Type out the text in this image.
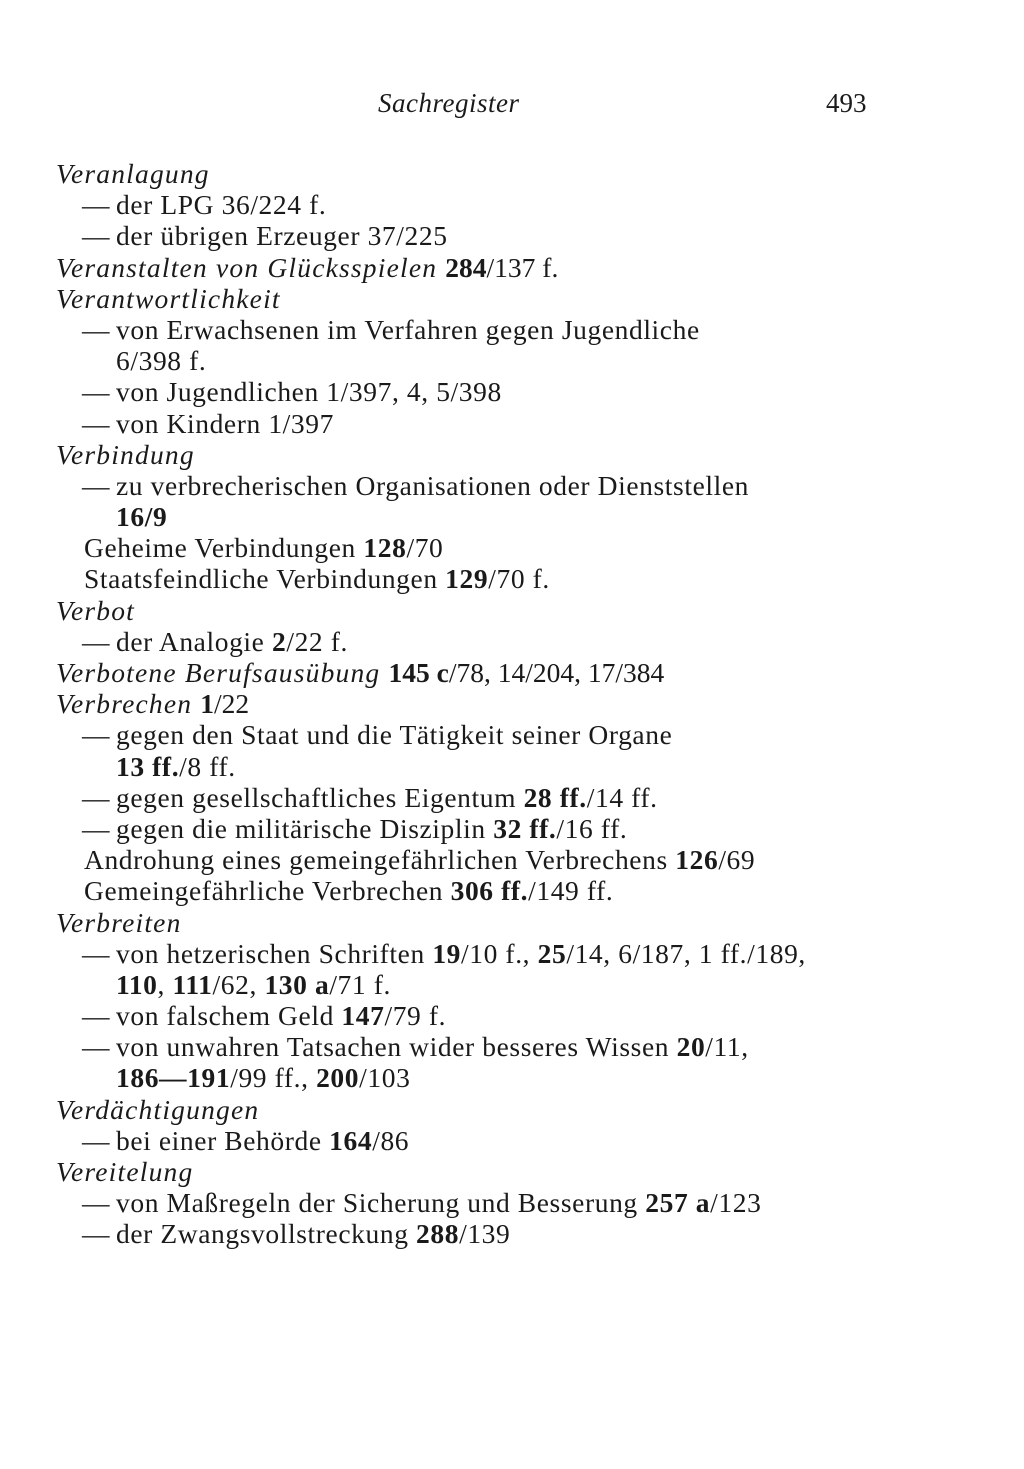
Sachregister	493
Veranlagung
— der LPG 36/224 f.
— der übrigen Erzeuger 37/225
Veranstalten von Glücksspielen 284/137 f.
Verantwortlichkeit
— von Erwachsenen im Verfahren gegen Jugendliche
6/398 f.
— von Jugendlichen 1/397, 4, 5/398
— von Kindern 1/397
Verbindung
— zu verbrecherischen Organisationen oder Dienststellen
16/9
Geheime Verbindungen 128/70
Staatsfeindliche Verbindungen 129/70 f.
Verbot
— der Analogie 2/22 f.
Verbotene Berufsausübung 145 c/78, 14/204, 17/384
Verbrechen 1/22
— gegen den Staat und die Tätigkeit seiner Organe
13 ff./8 ff.
— gegen gesellschaftliches Eigentum 28 ff./14 ff.
— gegen die militärische Disziplin 32 ff./16 ff.
Androhung eines gemeingefährlichen Verbrechens 126/69
Gemeingefährliche Verbrechen 306 ff./149 ff.
Verbreiten
— von hetzerischen Schriften 19/10 f., 25/14, 6/187, 1 ff./189,
110, 111/62, 130 a/71 f.
— von falschem Geld 147/79 f.
— von unwahren Tatsachen wider besseres Wissen 20/11,
186—191/99 ff., 200/103
Verdächtigungen
— bei einer Behörde 164/86
Vereitelung
— von Maßregeln der Sicherung und Besserung 257 a/123
— der Zwangsvollstreckung 288/139
